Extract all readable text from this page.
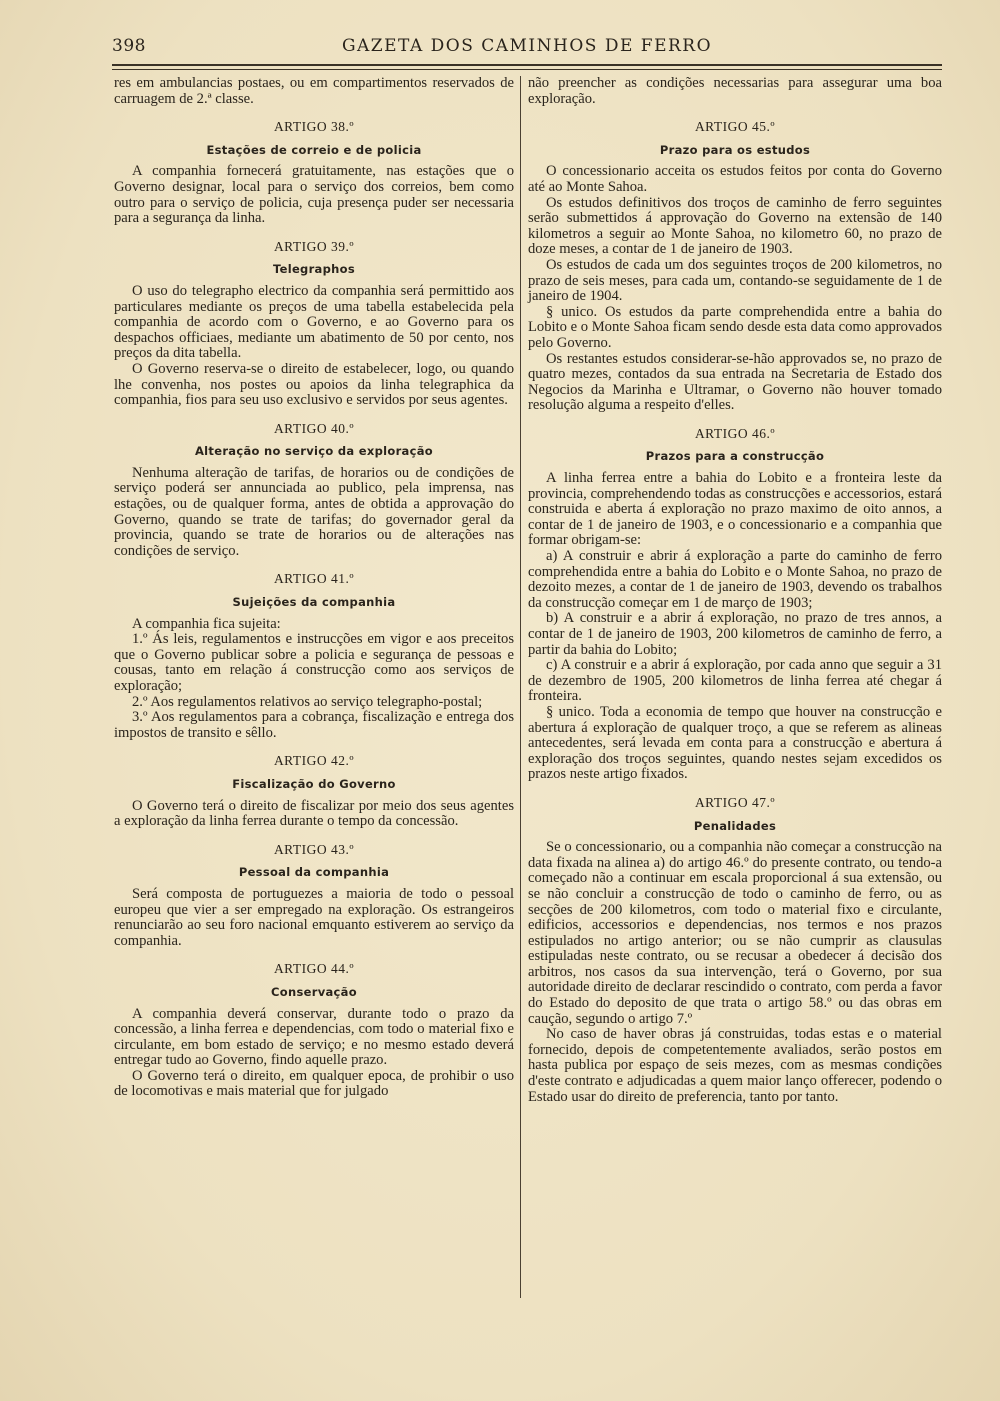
398	GAZETA DOS CAMINHOS DE FERRO

res em ambulancias postaes, ou em compartimentos reservados de carruagem de 2.ª classe.

ARTIGO 38.º
Estações de correio e de policia

A companhia fornecerá gratuitamente, nas estações que o Governo designar, local para o serviço dos correios, bem como outro para o serviço de policia, cuja presença puder ser necessaria para a segurança da linha.

ARTIGO 39.º
Telegraphos

O uso do telegrapho electrico da companhia será permittido aos particulares mediante os preços de uma tabella estabelecida pela companhia de acordo com o Governo, e ao Governo para os despachos officiaes, mediante um abatimento de 50 por cento, nos preços da dita tabella.

O Governo reserva-se o direito de estabelecer, logo, ou quando lhe convenha, nos postes ou apoios da linha telegraphica da companhia, fios para seu uso exclusivo e servidos por seus agentes.

ARTIGO 40.º
Alteração no serviço da exploração

Nenhuma alteração de tarifas, de horarios ou de condições de serviço poderá ser annunciada ao publico, pela imprensa, nas estações, ou de qualquer forma, antes de obtida a approvação do Governo, quando se trate de tarifas; do governador geral da provincia, quando se trate de horarios ou de alterações nas condições de serviço.

ARTIGO 41.º
Sujeições da companhia

A companhia fica sujeita:

1.º Ás leis, regulamentos e instrucções em vigor e aos preceitos que o Governo publicar sobre a policia e segurança de pessoas e cousas, tanto em relação á construcção como aos serviços de exploração;

2.º Aos regulamentos relativos ao serviço telegrapho-postal;

3.º Aos regulamentos para a cobrança, fiscalização e entrega dos impostos de transito e sêllo.

ARTIGO 42.º
Fiscalização do Governo

O Governo terá o direito de fiscalizar por meio dos seus agentes a exploração da linha ferrea durante o tempo da concessão.

ARTIGO 43.º
Pessoal da companhia

Será composta de portuguezes a maioria de todo o pessoal europeu que vier a ser empregado na exploração. Os estrangeiros renunciarão ao seu foro nacional emquanto estiverem ao serviço da companhia.

ARTIGO 44.º
Conservação

A companhia deverá conservar, durante todo o prazo da concessão, a linha ferrea e dependencias, com todo o material fixo e circulante, em bom estado de serviço; e no mesmo estado deverá entregar tudo ao Governo, findo aquelle prazo.

O Governo terá o direito, em qualquer epoca, de prohibir o uso de locomotivas e mais material que for julgado

não preencher as condições necessarias para assegurar uma boa exploração.

ARTIGO 45.º
Prazo para os estudos

O concessionario acceita os estudos feitos por conta do Governo até ao Monte Sahoa.

Os estudos definitivos dos troços de caminho de ferro seguintes serão submettidos á approvação do Governo na extensão de 140 kilometros a seguir ao Monte Sahoa, no kilometro 60, no prazo de doze meses, a contar de 1 de janeiro de 1903.

Os estudos de cada um dos seguintes troços de 200 kilometros, no prazo de seis meses, para cada um, contando-se seguidamente de 1 de janeiro de 1904.

§ unico. Os estudos da parte comprehendida entre a bahia do Lobito e o Monte Sahoa ficam sendo desde esta data como approvados pelo Governo.

Os restantes estudos considerar-se-hão approvados se, no prazo de quatro mezes, contados da sua entrada na Secretaria de Estado dos Negocios da Marinha e Ultramar, o Governo não houver tomado resolução alguma a respeito d'elles.

ARTIGO 46.º
Prazos para a construcção

A linha ferrea entre a bahia do Lobito e a fronteira leste da provincia, comprehendendo todas as construcções e accessorios, estará construida e aberta á exploração no prazo maximo de oito annos, a contar de 1 de janeiro de 1903, e o concessionario e a companhia que formar obrigam-se:

a) A construir e abrir á exploração a parte do caminho de ferro comprehendida entre a bahia do Lobito e o Monte Sahoa, no prazo de dezoito mezes, a contar de 1 de janeiro de 1903, devendo os trabalhos da construcção começar em 1 de março de 1903;

b) A construir e a abrir á exploração, no prazo de tres annos, a contar de 1 de janeiro de 1903, 200 kilometros de caminho de ferro, a partir da bahia do Lobito;

c) A construir e a abrir á exploração, por cada anno que seguir a 31 de dezembro de 1905, 200 kilometros de linha ferrea até chegar á fronteira.

§ unico. Toda a economia de tempo que houver na construcção e abertura á exploração de qualquer troço, a que se referem as alineas antecedentes, será levada em conta para a construcção e abertura á exploração dos troços seguintes, quando nestes sejam excedidos os prazos neste artigo fixados.

ARTIGO 47.º
Penalidades

Se o concessionario, ou a companhia não começar a construcção na data fixada na alinea a) do artigo 46.º do presente contrato, ou tendo-a começado não a continuar em escala proporcional á sua extensão, ou se não concluir a construcção de todo o caminho de ferro, ou as secções de 200 kilometros, com todo o material fixo e circulante, edificios, accessorios e dependencias, nos termos e nos prazos estipulados no artigo anterior; ou se não cumprir as clausulas estipuladas neste contrato, ou se recusar a obedecer á decisão dos arbitros, nos casos da sua intervenção, terá o Governo, por sua autoridade direito de declarar rescindido o contrato, com perda a favor do Estado do deposito de que trata o artigo 58.º ou das obras em caução, segundo o artigo 7.º

No caso de haver obras já construidas, todas estas e o material fornecido, depois de competentemente avaliados, serão postos em hasta publica por espaço de seis mezes, com as mesmas condições d'este contrato e adjudicadas a quem maior lanço offerecer, podendo o Estado usar do direito de preferencia, tanto por tanto.
